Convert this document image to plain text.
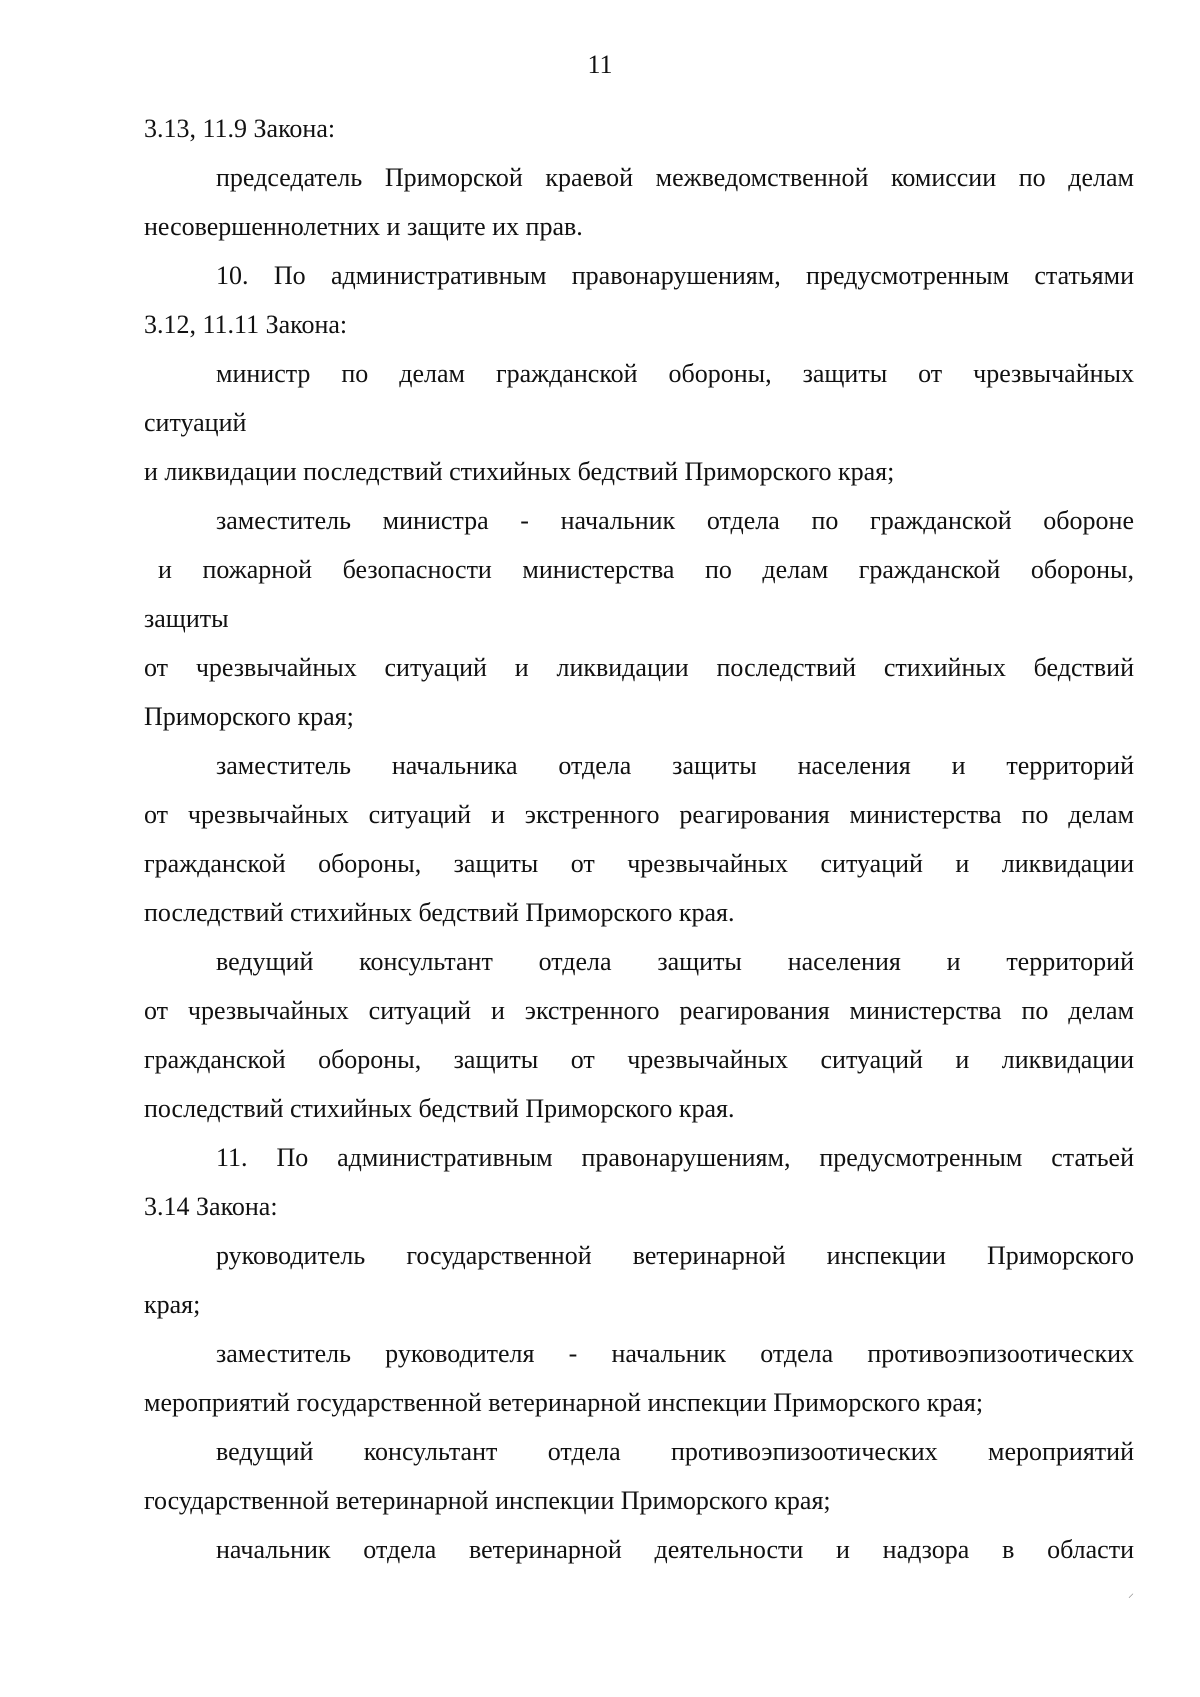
11
3.13, 11.9 Закона:
председатель Приморской краевой межведомственной комиссии по делам
несовершеннолетних и защите их прав.
10. По административным правонарушениям, предусмотренным статьями
3.12, 11.11 Закона:
министр по делам гражданской обороны, защиты от чрезвычайных
ситуаций
и ликвидации последствий стихийных бедствий Приморского края;
заместитель министра - начальник отдела по гражданской обороне
и пожарной безопасности министерства по делам гражданской обороны,
защиты
от чрезвычайных ситуаций и ликвидации последствий стихийных бедствий
Приморского края;
заместитель начальника отдела защиты населения и территорий
от чрезвычайных ситуаций и экстренного реагирования министерства по делам
гражданской обороны, защиты от чрезвычайных ситуаций и ликвидации
последствий стихийных бедствий Приморского края.
ведущий консультант отдела защиты населения и территорий
от чрезвычайных ситуаций и экстренного реагирования министерства по делам
гражданской обороны, защиты от чрезвычайных ситуаций и ликвидации
последствий стихийных бедствий Приморского края.
11. По административным правонарушениям, предусмотренным статьей
3.14 Закона:
руководитель государственной ветеринарной инспекции Приморского
края;
заместитель руководителя - начальник отдела противоэпизоотических
мероприятий государственной ветеринарной инспекции Приморского края;
ведущий консультант отдела противоэпизоотических мероприятий
государственной ветеринарной инспекции Приморского края;
начальник отдела ветеринарной деятельности и надзора в области
⸝
